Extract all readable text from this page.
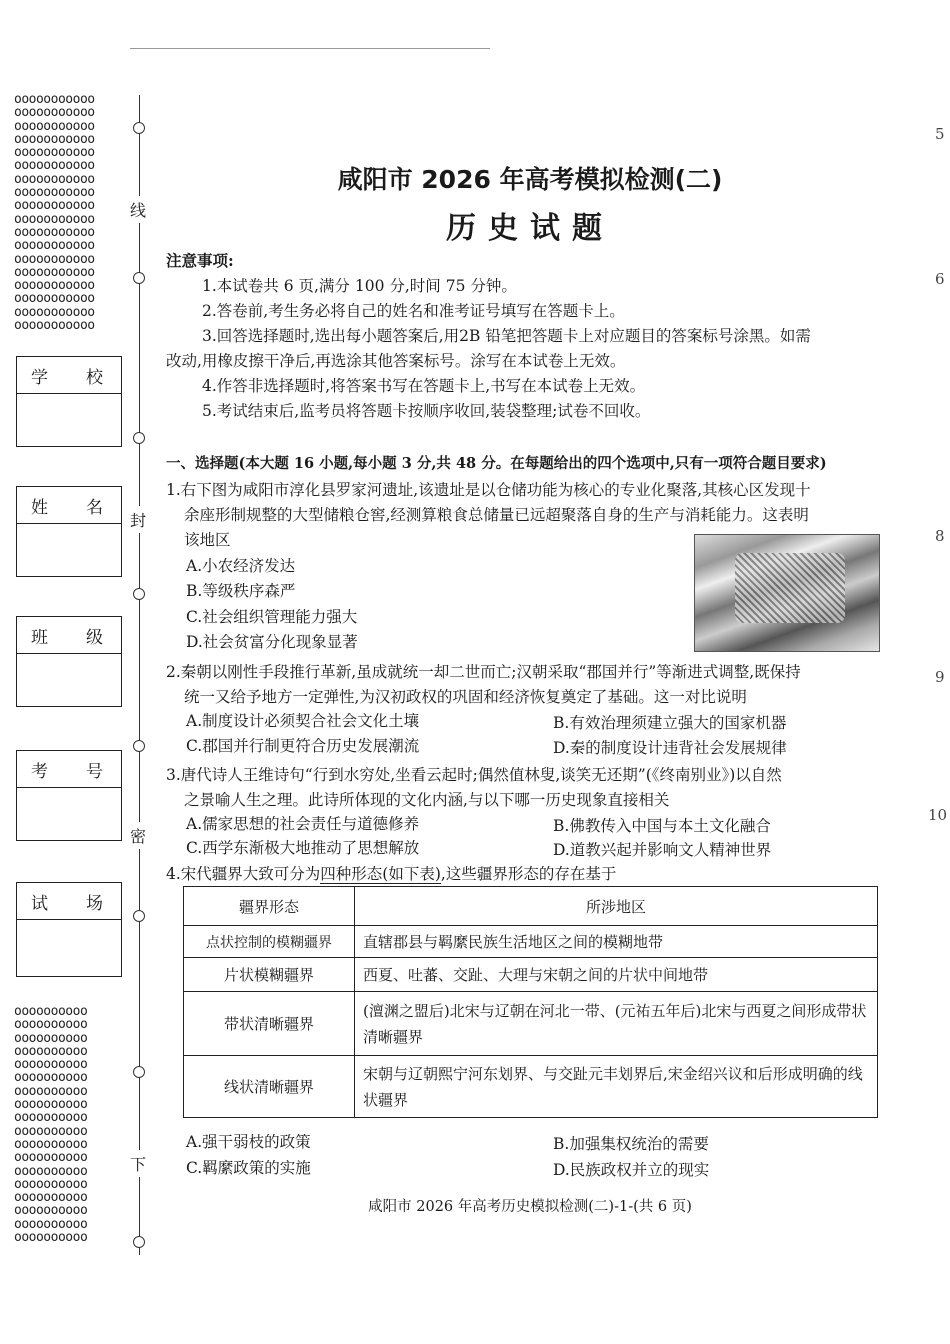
ooooooooooo
ooooooooooo
ooooooooooo
ooooooooooo
ooooooooooo
ooooooooooo
ooooooooooo
ooooooooooo
ooooooooooo
ooooooooooo
ooooooooooo
ooooooooooo
ooooooooooo
ooooooooooo
ooooooooooo
ooooooooooo
ooooooooooo
ooooooooooo
oooooooooo
oooooooooo
oooooooooo
oooooooooo
oooooooooo
oooooooooo
oooooooooo
oooooooooo
oooooooooo
oooooooooo
oooooooooo
oooooooooo
oooooooooo
oooooooooo
oooooooooo
oooooooooo
oooooooooo
oooooooooo
线
封
密
下
学 校
姓 名
班 级
考 号
试 场
5
6
8
9
10
咸阳市 2026 年高考模拟检测(二)
历史试题
注意事项:
1.本试卷共 6 页,满分 100 分,时间 75 分钟。
2.答卷前,考生务必将自己的姓名和准考证号填写在答题卡上。
3.回答选择题时,选出每小题答案后,用2B 铅笔把答题卡上对应题目的答案标号涂黑。如需
改动,用橡皮擦干净后,再选涂其他答案标号。涂写在本试卷上无效。
4.作答非选择题时,将答案书写在答题卡上,书写在本试卷上无效。
5.考试结束后,监考员将答题卡按顺序收回,装袋整理;试卷不回收。
一、选择题(本大题 16 小题,每小题 3 分,共 48 分。在每题给出的四个选项中,只有一项符合题目要求)
1.右下图为咸阳市淳化县罗家河遗址,该遗址是以仓储功能为核心的专业化聚落,其核心区发现十
余座形制规整的大型储粮仓窖,经测算粮食总储量已远超聚落自身的生产与消耗能力。这表明
该地区
A.小农经济发达
B.等级秩序森严
C.社会组织管理能力强大
D.社会贫富分化现象显著
2.秦朝以刚性手段推行革新,虽成就统一却二世而亡;汉朝采取“郡国并行”等渐进式调整,既保持
统一又给予地方一定弹性,为汉初政权的巩固和经济恢复奠定了基础。这一对比说明
A.制度设计必须契合社会文化土壤	B.有效治理须建立强大的国家机器
C.郡国并行制更符合历史发展潮流	D.秦的制度设计违背社会发展规律
3.唐代诗人王维诗句“行到水穷处,坐看云起时;偶然值林叟,谈笑无还期”(《终南别业》)以自然
之景喻人生之理。此诗所体现的文化内涵,与以下哪一历史现象直接相关
A.儒家思想的社会责任与道德修养	B.佛教传入中国与本土文化融合
C.西学东渐极大地推动了思想解放	D.道教兴起并影响文人精神世界
4.宋代疆界大致可分为四种形态(如下表),这些疆界形态的存在基于
疆界形态	所涉地区
点状控制的模糊疆界	直辖郡县与羁縻民族生活地区之间的模糊地带
片状模糊疆界	西夏、吐蕃、交趾、大理与宋朝之间的片状中间地带
带状清晰疆界	(澶渊之盟后)北宋与辽朝在河北一带、(元祐五年后)北宋与西夏之间形成带状清晰疆界
线状清晰疆界	宋朝与辽朝熙宁河东划界、与交趾元丰划界后,宋金绍兴议和后形成明确的线状疆界
A.强干弱枝的政策	B.加强集权统治的需要
C.羁縻政策的实施	D.民族政权并立的现实
咸阳市 2026 年高考历史模拟检测(二)-1-(共 6 页)
